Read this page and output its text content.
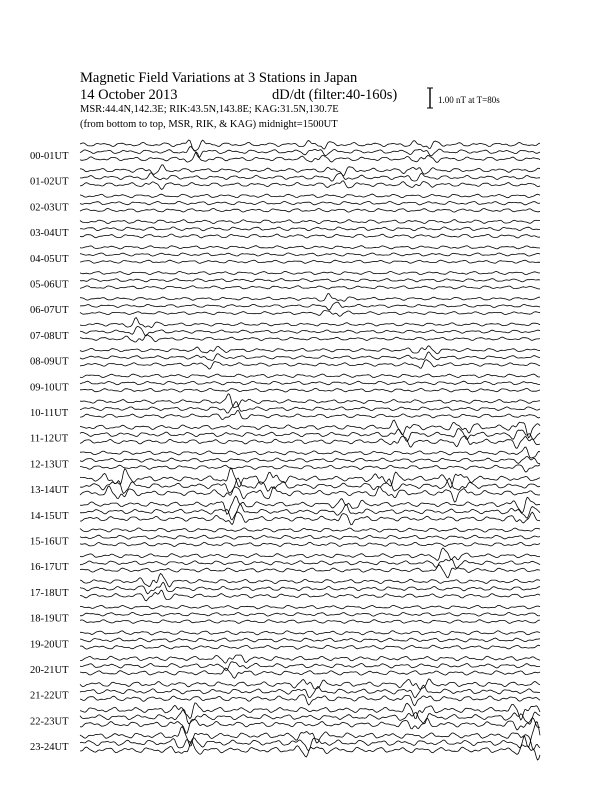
Magnetic Field Variations at 3 Stations in Japan
14 October 2013	dD/dt (filter:40-160s)
MSR:44.4N,142.3E; RIK:43.5N,143.8E; KAG:31.5N,130.7E
(from bottom to top, MSR, RIK, & KAG) midnight=1500UT
1.00 nT at T=80s
00-01UT
01-02UT
02-03UT
03-04UT
04-05UT
05-06UT
06-07UT
07-08UT
08-09UT
09-10UT
10-11UT
11-12UT
12-13UT
13-14UT
14-15UT
15-16UT
16-17UT
17-18UT
18-19UT
19-20UT
20-21UT
21-22UT
22-23UT
23-24UT
